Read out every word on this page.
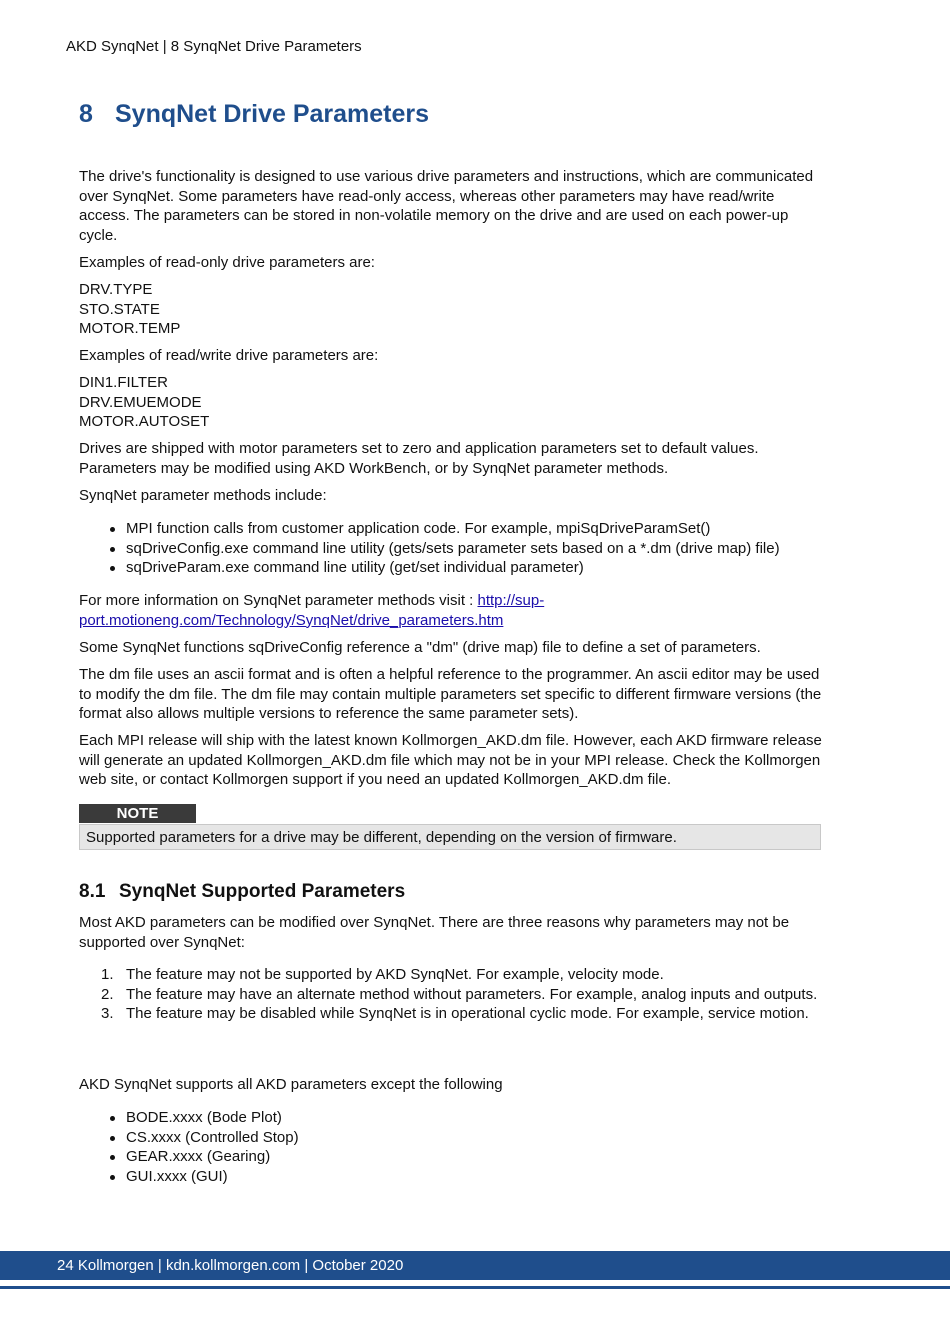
AKD SynqNet | 8 SynqNet Drive Parameters
8 SynqNet Drive Parameters

The drive's functionality is designed to use various drive parameters and instructions, which are communicated over SynqNet. Some parameters have read-only access, whereas other parameters may have read/write access. The parameters can be stored in non-volatile memory on the drive and are used on each power-up cycle.

Examples of read-only drive parameters are:

DRV.TYPE
STO.STATE
MOTOR.TEMP

Examples of read/write drive parameters are:

DIN1.FILTER
DRV.EMUEMODE
MOTOR.AUTOSET

Drives are shipped with motor parameters set to zero and application parameters set to default values. Parameters may be modified using AKD WorkBench, or by SynqNet parameter methods.

SynqNet parameter methods include:

MPI function calls from customer application code. For example, mpiSqDriveParamSet()
sqDriveConfig.exe command line utility (gets/sets parameter sets based on a *.dm (drive map) file)
sqDriveParam.exe command line utility (get/set individual parameter)

For more information on SynqNet parameter methods visit : http://sup-
port.motioneng.com/Technology/SynqNet/drive_parameters.htm

Some SynqNet functions sqDriveConfig reference a "dm" (drive map) file to define a set of parameters.

The dm file uses an ascii format and is often a helpful reference to the programmer. An ascii editor may be used to modify the dm file. The dm file may contain multiple parameters set specific to different firmware versions (the format also allows multiple versions to reference the same parameter sets).

Each MPI release will ship with the latest known Kollmorgen_AKD.dm file. However, each AKD firmware release will generate an updated Kollmorgen_AKD.dm file which may not be in your MPI release. Check the Kollmorgen web site, or contact Kollmorgen support if you need an updated Kollmorgen_AKD.dm file.

NOTE
Supported parameters for a drive may be different, depending on the version of firmware.
8.1 SynqNet Supported Parameters

Most AKD parameters can be modified over SynqNet. There are three reasons why parameters may not be supported over SynqNet:

1. The feature may not be supported by AKD SynqNet. For example, velocity mode.
2. The feature may have an alternate method without parameters. For example, analog inputs and outputs.
3. The feature may be disabled while SynqNet is in operational cyclic mode. For example, service motion.

AKD SynqNet supports all AKD parameters except the following

BODE.xxxx (Bode Plot)
CS.xxxx (Controlled Stop)
GEAR.xxxx (Gearing)
GUI.xxxx (GUI)
24 Kollmorgen | kdn.kollmorgen.com | October 2020
